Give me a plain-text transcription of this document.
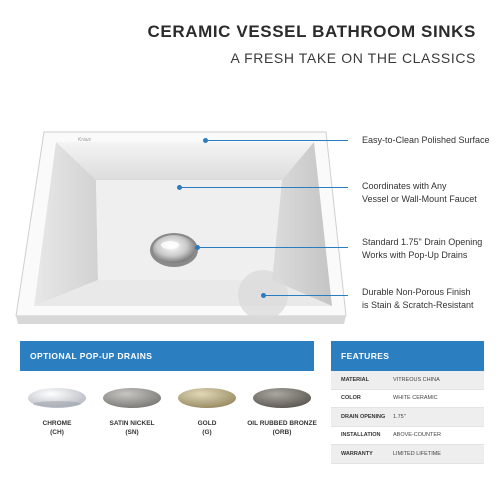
CERAMIC VESSEL BATHROOM SINKS
A FRESH TAKE ON THE CLASSICS
Kraus	Easy-to-Clean Polished Surface
Coordinates with Any
Vessel or Wall-Mount Faucet
Standard 1.75" Drain Opening
Works with Pop-Up Drains
Durable Non-Porous Finish
is Stain & Scratch-Resistant
OPTIONAL POP-UP DRAINS
CHROME
(CH)
SATIN NICKEL
(SN)
GOLD
(G)
OIL RUBBED BRONZE
(ORB)
FEATURES
MATERIAL	VITREOUS CHINA
COLOR	WHITE CERAMIC
DRAIN OPENING	1.75"
INSTALLATION	ABOVE-COUNTER
WARRANTY	LIMITED LIFETIME
